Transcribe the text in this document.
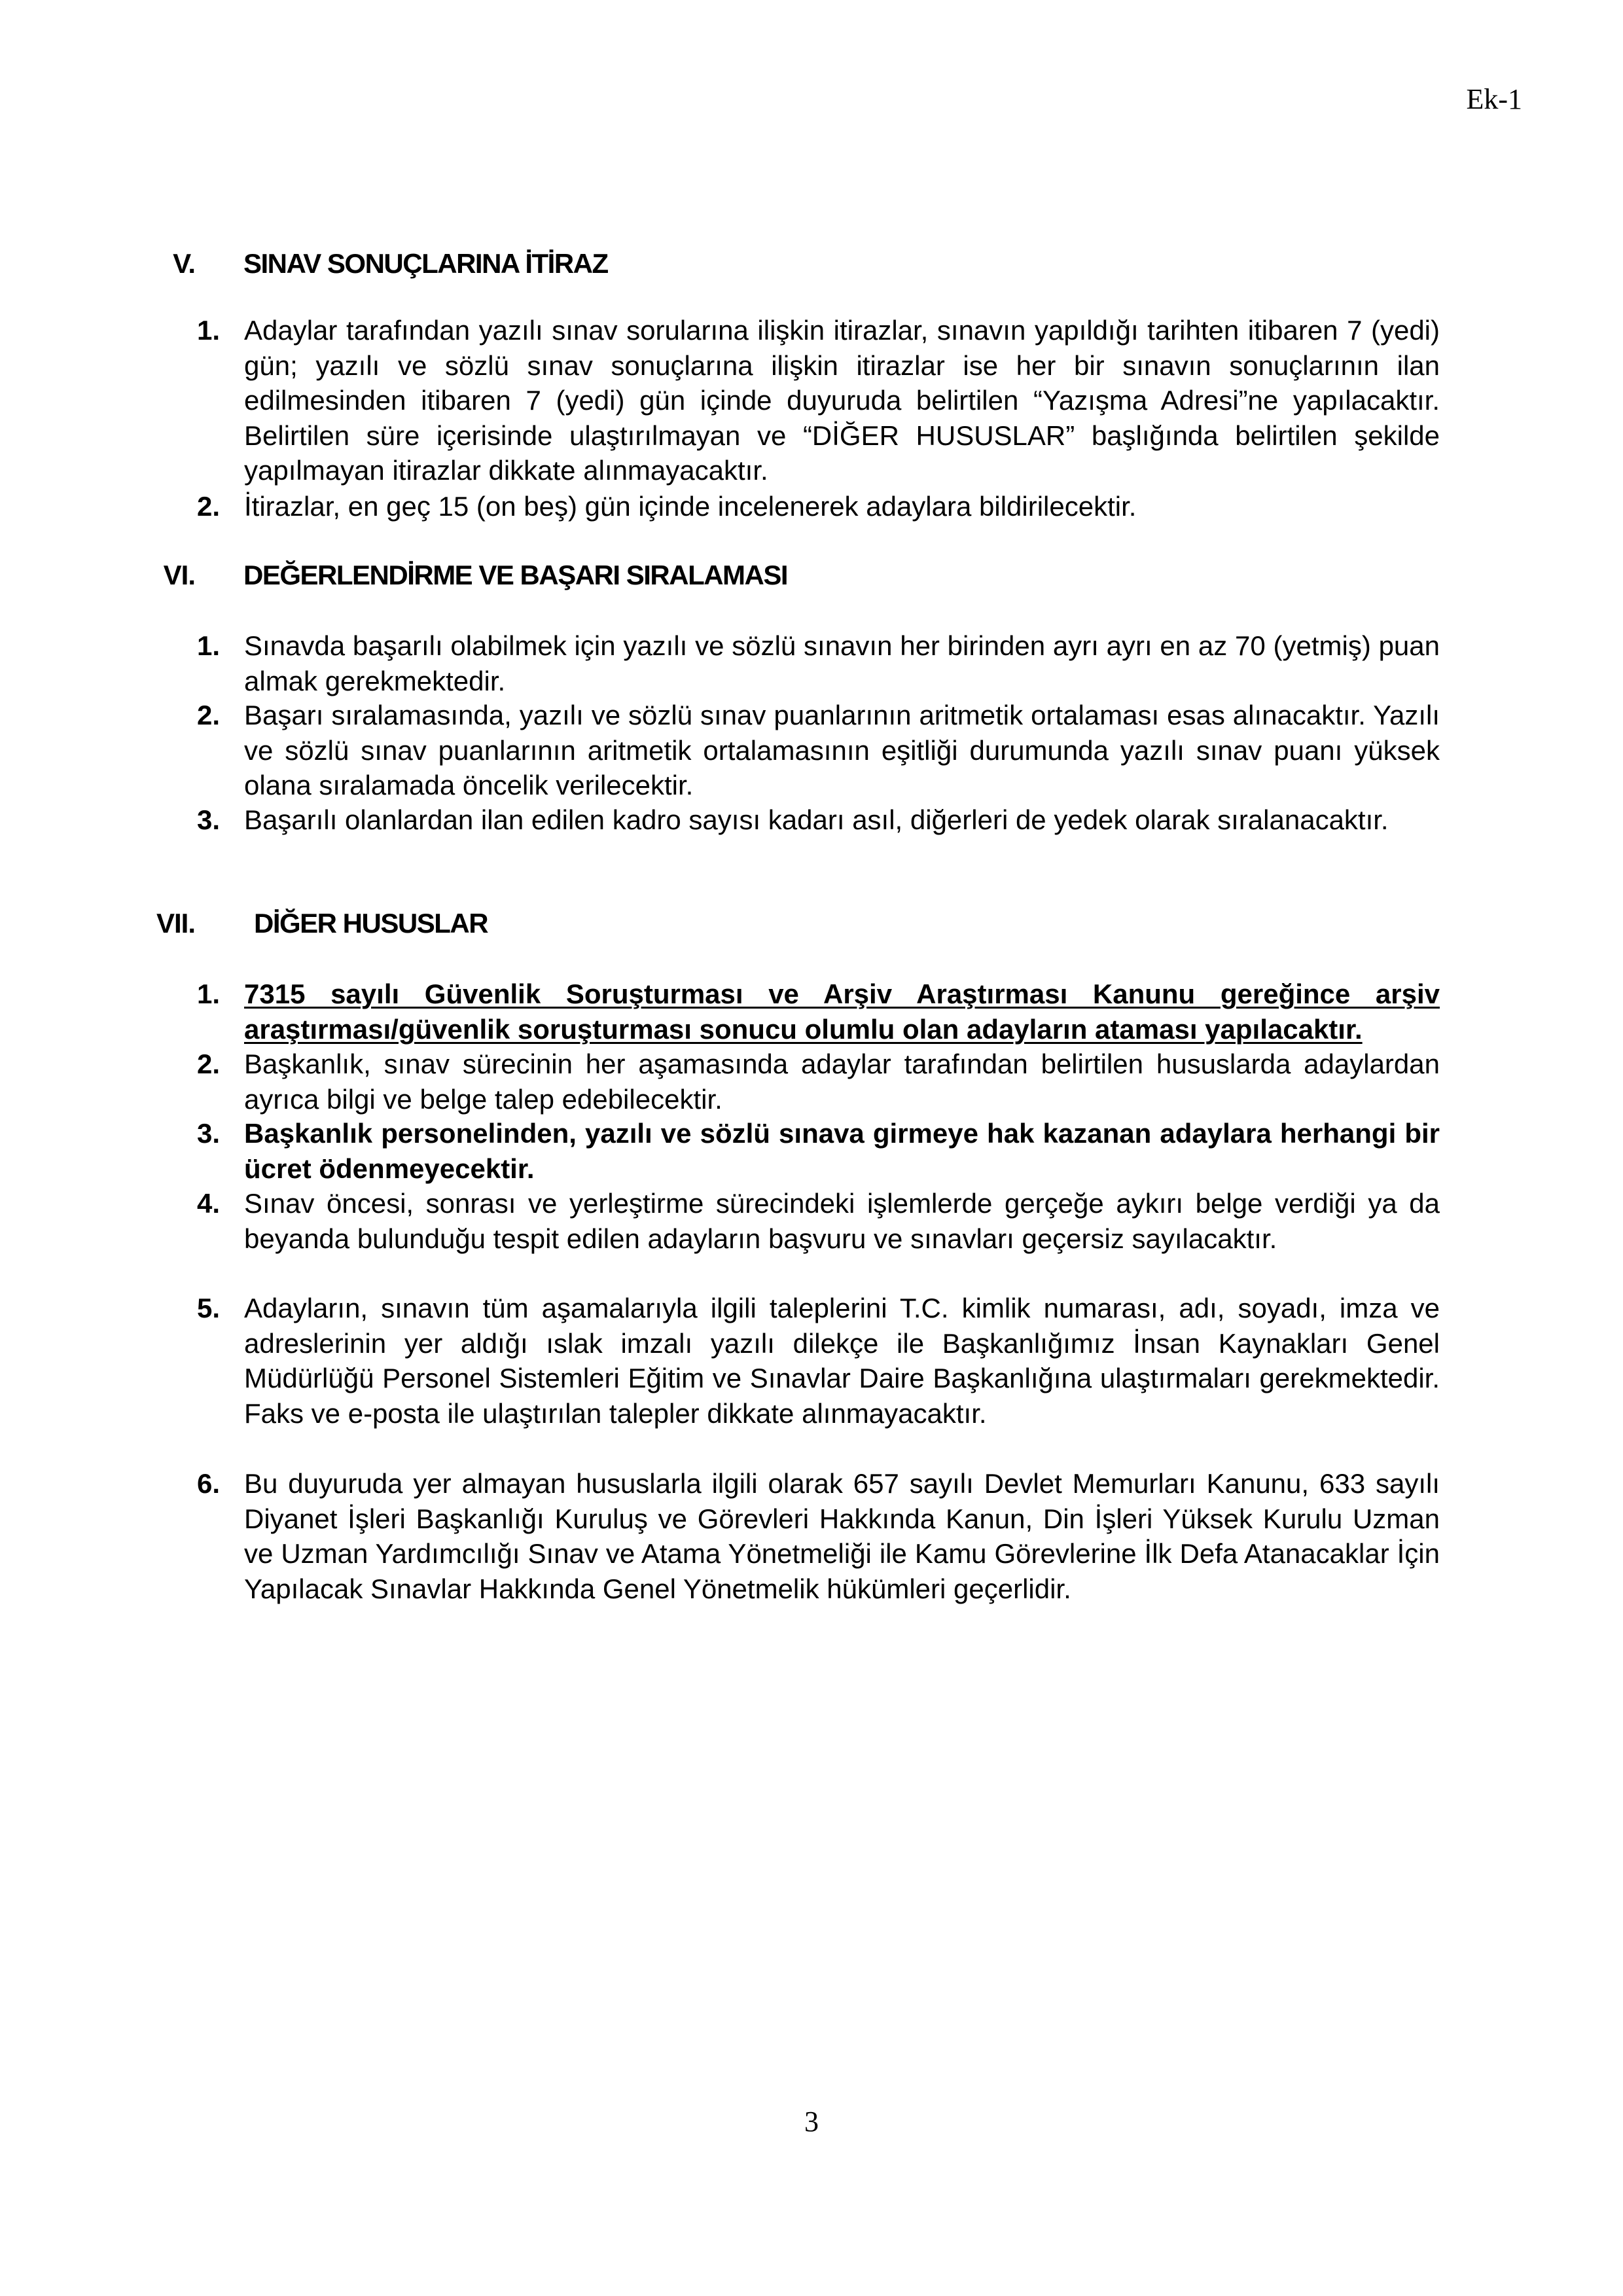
Ek-1
V. SINAV SONUÇLARINA İTİRAZ
1. Adaylar tarafından yazılı sınav sorularına ilişkin itirazlar, sınavın yapıldığı tarihten itibaren 7 (yedi) gün; yazılı ve sözlü sınav sonuçlarına ilişkin itirazlar ise her bir sınavın sonuçlarının ilan edilmesinden itibaren 7 (yedi) gün içinde duyuruda belirtilen “Yazışma Adresi”ne yapılacaktır. Belirtilen süre içerisinde ulaştırılmayan ve “DİĞER HUSUSLAR” başlığında belirtilen şekilde yapılmayan itirazlar dikkate alınmayacaktır.
2. İtirazlar, en geç 15 (on beş) gün içinde incelenerek adaylara bildirilecektir.
VI. DEĞERLENDİRME VE BAŞARI SIRALAMASI
1. Sınavda başarılı olabilmek için yazılı ve sözlü sınavın her birinden ayrı ayrı en az 70 (yetmiş) puan almak gerekmektedir.
2. Başarı sıralamasında, yazılı ve sözlü sınav puanlarının aritmetik ortalaması esas alınacaktır. Yazılı ve sözlü sınav puanlarının aritmetik ortalamasının eşitliği durumunda yazılı sınav puanı yüksek olana sıralamada öncelik verilecektir.
3. Başarılı olanlardan ilan edilen kadro sayısı kadarı asıl, diğerleri de yedek olarak sıralanacaktır.
VII. DİĞER HUSUSLAR
1. 7315 sayılı Güvenlik Soruşturması ve Arşiv Araştırması Kanunu gereğince arşiv araştırması/güvenlik soruşturması sonucu olumlu olan adayların ataması yapılacaktır.
2. Başkanlık, sınav sürecinin her aşamasında adaylar tarafından belirtilen hususlarda adaylardan ayrıca bilgi ve belge talep edebilecektir.
3. Başkanlık personelinden, yazılı ve sözlü sınava girmeye hak kazanan adaylara herhangi bir ücret ödenmeyecektir.
4. Sınav öncesi, sonrası ve yerleştirme sürecindeki işlemlerde gerçeğe aykırı belge verdiği ya da beyanda bulunduğu tespit edilen adayların başvuru ve sınavları geçersiz sayılacaktır.
5. Adayların, sınavın tüm aşamalarıyla ilgili taleplerini T.C. kimlik numarası, adı, soyadı, imza ve adreslerinin yer aldığı ıslak imzalı yazılı dilekçe ile Başkanlığımız İnsan Kaynakları Genel Müdürlüğü Personel Sistemleri Eğitim ve Sınavlar Daire Başkanlığına ulaştırmaları gerekmektedir. Faks ve e-posta ile ulaştırılan talepler dikkate alınmayacaktır.
6. Bu duyuruda yer almayan hususlarla ilgili olarak 657 sayılı Devlet Memurları Kanunu, 633 sayılı Diyanet İşleri Başkanlığı Kuruluş ve Görevleri Hakkında Kanun, Din İşleri Yüksek Kurulu Uzman ve Uzman Yardımcılığı Sınav ve Atama Yönetmeliği ile Kamu Görevlerine İlk Defa Atanacaklar İçin Yapılacak Sınavlar Hakkında Genel Yönetmelik hükümleri geçerlidir.
3
